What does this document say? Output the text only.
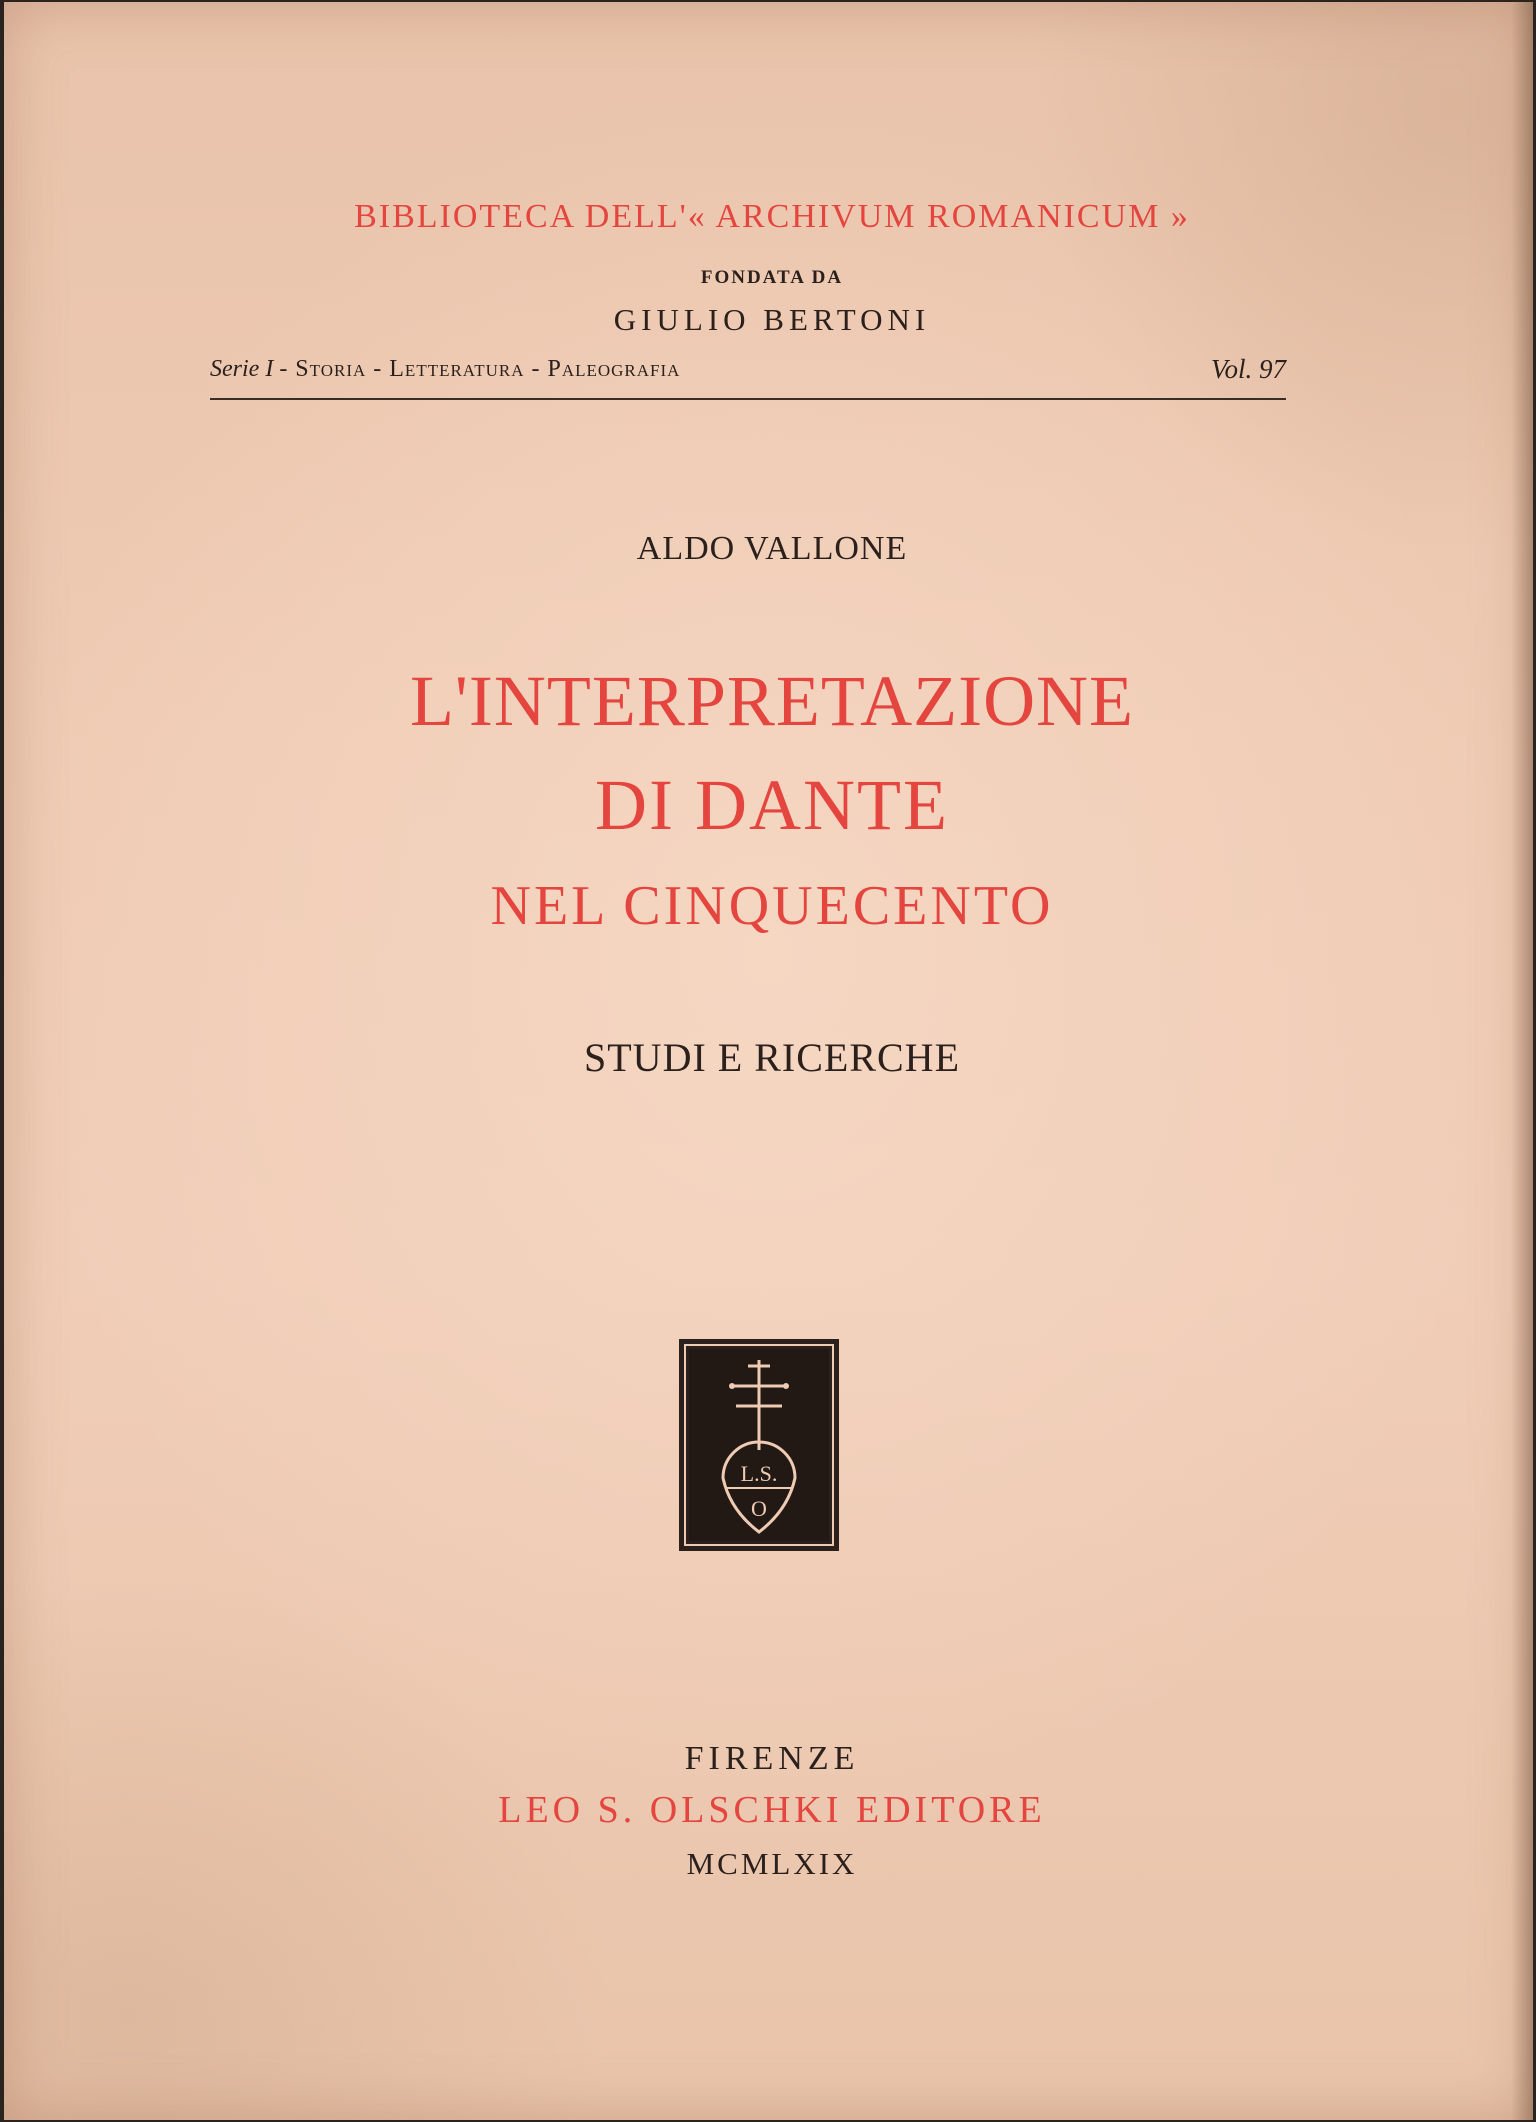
BIBLIOTECA DELL'« ARCHIVUM ROMANICUM »
FONDATA DA
GIULIO BERTONI
Serie I - Storia - Letteratura - Paleografia	Vol. 97
ALDO VALLONE
L'INTERPRETAZIONE
DI DANTE
NEL CINQUECENTO
STUDI E RICERCHE
L.S.
O
FIRENZE
LEO S. OLSCHKI EDITORE
MCMLXIX
